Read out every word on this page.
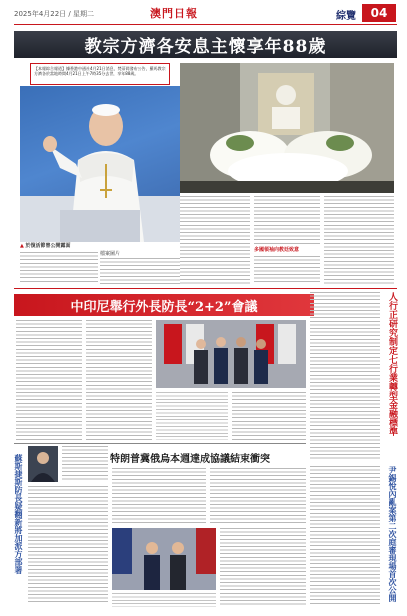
2025年4月22日 / 星期二	澳門日報	綜覽	04
教宗方濟各安息主懷享年88歲
【本報綜合報道】據香港中通社4月21日消息，梵蒂岡發布公告，羅馬教宗方濟各於當地時間4月21日上午7時35分去世，享年88歲。
▲ 於復活節曾公開露面
檔案圖片
多國領袖向教廷致意
中印尼舉行外長防長“2+2”會議	人行正研究制定七行業轉型金融標準
特朗普冀俄烏本週達成協議結束衝突
蘇斯捷斯防長疑翻新將加派方部署	尹錫悅內亂案第二次庭審現場首次公開
